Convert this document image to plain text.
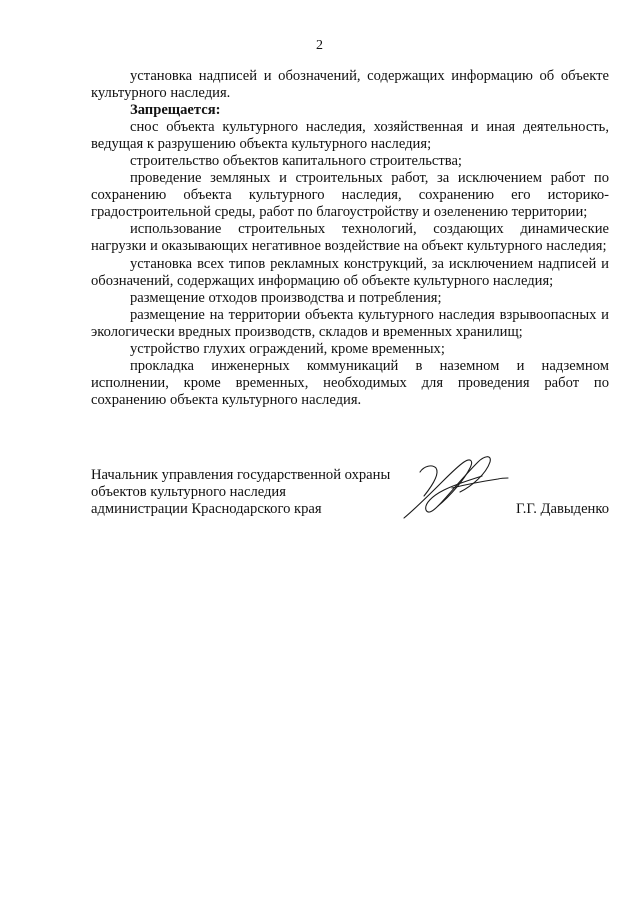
2

установка надписей и обозначений, содержащих информацию об объекте культурного наследия.

Запрещается:

снос объекта культурного наследия, хозяйственная и иная деятельность, ведущая к разрушению объекта культурного наследия;

строительство объектов капитального строительства;

проведение земляных и строительных работ, за исключением работ по сохранению объекта культурного наследия, сохранению его историко-градостроительной среды, работ по благоустройству и озеленению территории;

использование строительных технологий, создающих динамические нагрузки и оказывающих негативное воздействие на объект культурного наследия;

установка всех типов рекламных конструкций, за исключением надписей и обозначений, содержащих информацию об объекте культурного наследия;

размещение отходов производства и потребления;

размещение на территории объекта культурного наследия взрывоопасных и экологически вредных производств, складов и временных хранилищ;

устройство глухих ограждений, кроме временных;

прокладка инженерных коммуникаций в наземном и надземном исполнении, кроме временных, необходимых для проведения работ по сохранению объекта культурного наследия.

Начальник управления государственной охраны
объектов культурного наследия
администрации Краснодарского края	Г.Г. Давыденко
